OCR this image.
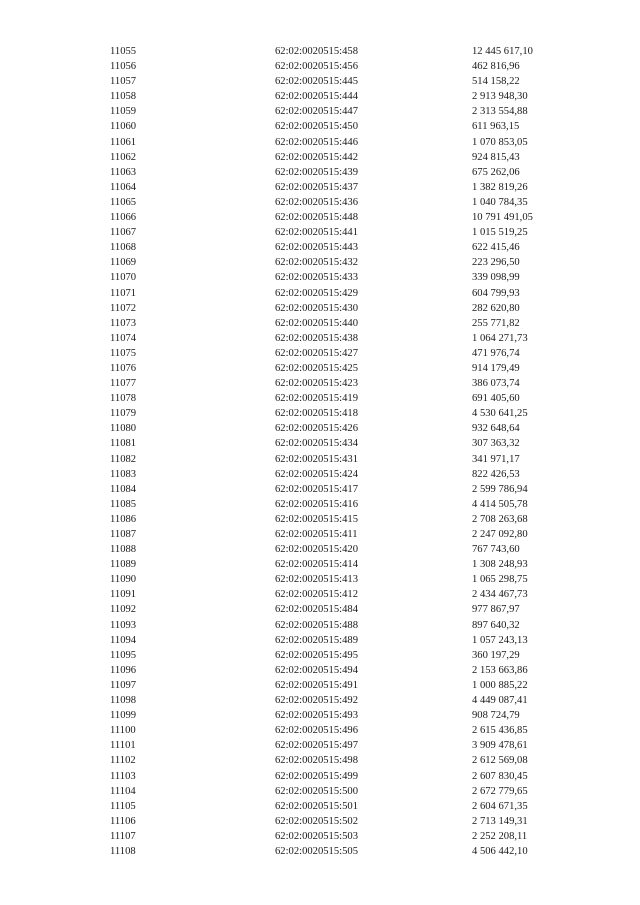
11055	62:02:0020515:458	12 445 617,10
11056	62:02:0020515:456	462 816,96
11057	62:02:0020515:445	514 158,22
11058	62:02:0020515:444	2 913 948,30
11059	62:02:0020515:447	2 313 554,88
11060	62:02:0020515:450	611 963,15
11061	62:02:0020515:446	1 070 853,05
11062	62:02:0020515:442	924 815,43
11063	62:02:0020515:439	675 262,06
11064	62:02:0020515:437	1 382 819,26
11065	62:02:0020515:436	1 040 784,35
11066	62:02:0020515:448	10 791 491,05
11067	62:02:0020515:441	1 015 519,25
11068	62:02:0020515:443	622 415,46
11069	62:02:0020515:432	223 296,50
11070	62:02:0020515:433	339 098,99
11071	62:02:0020515:429	604 799,93
11072	62:02:0020515:430	282 620,80
11073	62:02:0020515:440	255 771,82
11074	62:02:0020515:438	1 064 271,73
11075	62:02:0020515:427	471 976,74
11076	62:02:0020515:425	914 179,49
11077	62:02:0020515:423	386 073,74
11078	62:02:0020515:419	691 405,60
11079	62:02:0020515:418	4 530 641,25
11080	62:02:0020515:426	932 648,64
11081	62:02:0020515:434	307 363,32
11082	62:02:0020515:431	341 971,17
11083	62:02:0020515:424	822 426,53
11084	62:02:0020515:417	2 599 786,94
11085	62:02:0020515:416	4 414 505,78
11086	62:02:0020515:415	2 708 263,68
11087	62:02:0020515:411	2 247 092,80
11088	62:02:0020515:420	767 743,60
11089	62:02:0020515:414	1 308 248,93
11090	62:02:0020515:413	1 065 298,75
11091	62:02:0020515:412	2 434 467,73
11092	62:02:0020515:484	977 867,97
11093	62:02:0020515:488	897 640,32
11094	62:02:0020515:489	1 057 243,13
11095	62:02:0020515:495	360 197,29
11096	62:02:0020515:494	2 153 663,86
11097	62:02:0020515:491	1 000 885,22
11098	62:02:0020515:492	4 449 087,41
11099	62:02:0020515:493	908 724,79
11100	62:02:0020515:496	2 615 436,85
11101	62:02:0020515:497	3 909 478,61
11102	62:02:0020515:498	2 612 569,08
11103	62:02:0020515:499	2 607 830,45
11104	62:02:0020515:500	2 672 779,65
11105	62:02:0020515:501	2 604 671,35
11106	62:02:0020515:502	2 713 149,31
11107	62:02:0020515:503	2 252 208,11
11108	62:02:0020515:505	4 506 442,10
